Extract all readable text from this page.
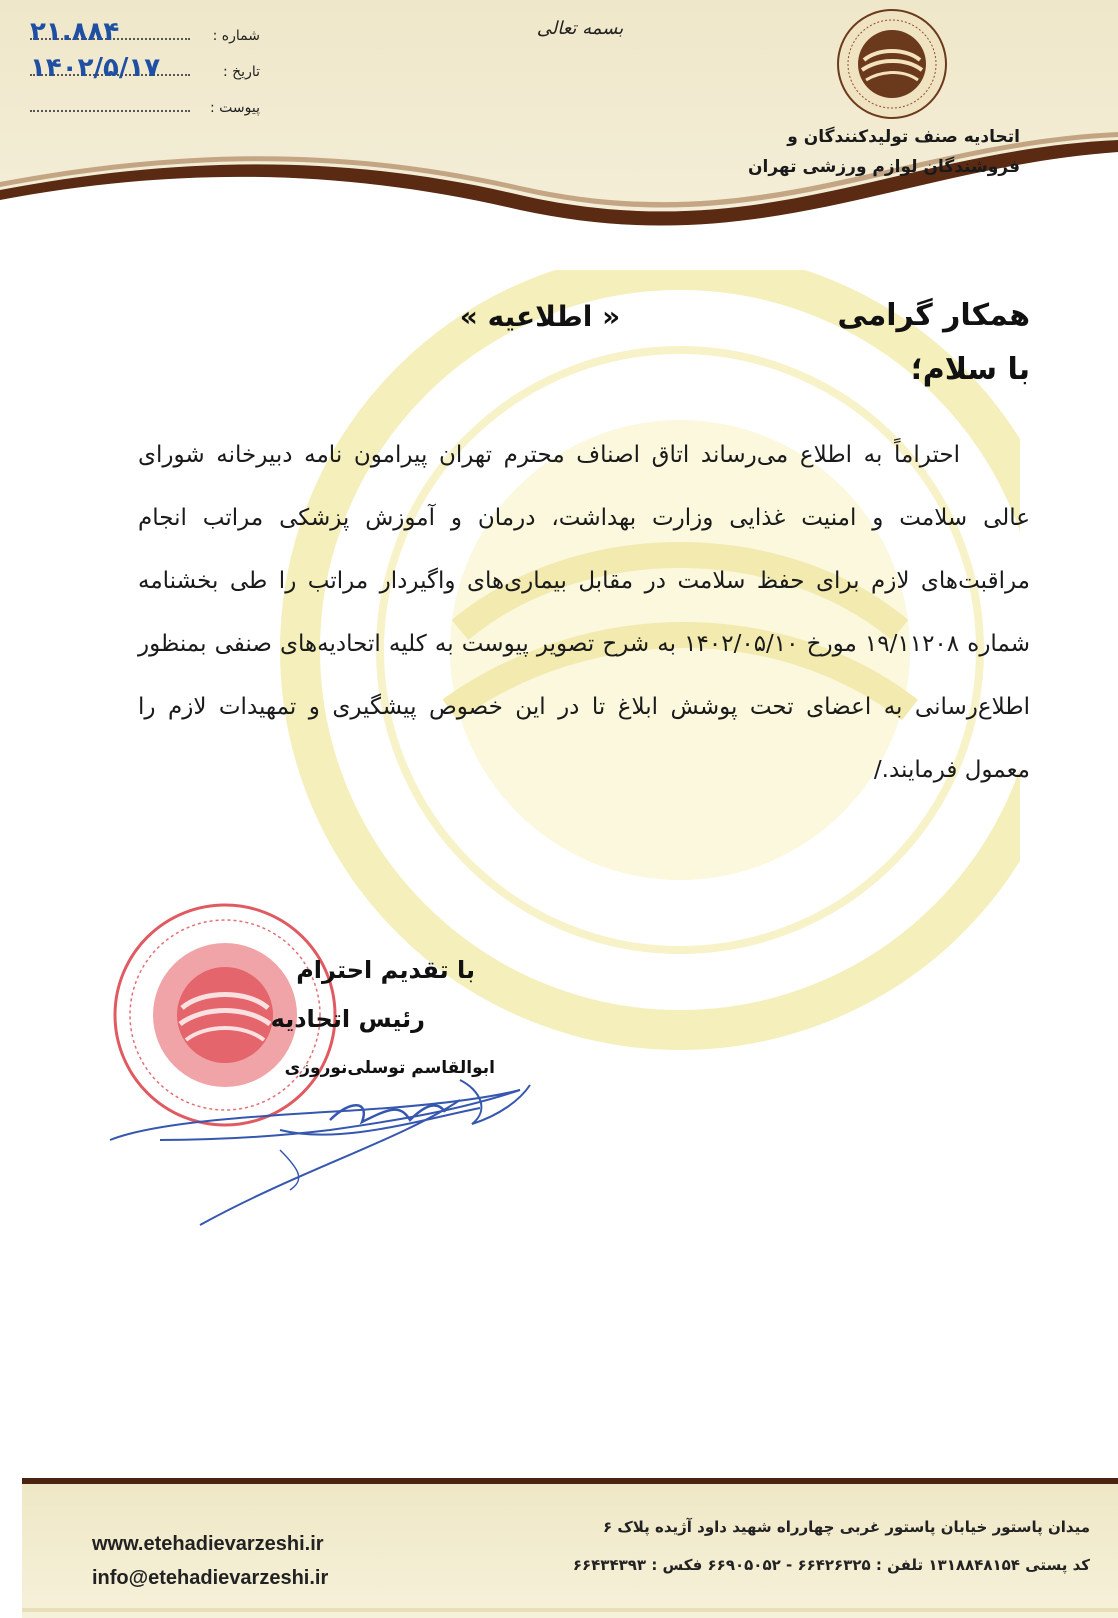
اتحادیه صنف تولیدکنندگان و
فروشندگان لوازم ورزشی تهران
بسمه تعالی
شماره :
۲۱.۸۸۴
تاریخ :
۱۴۰۲/۵/۱۷
پیوست :
همکار گرامی
« اطلاعیه »
با سلام؛

احتراماً به اطلاع می‌رساند اتاق اصناف محترم تهران پیرامون نامه دبیرخانه شورای عالی سلامت و امنیت غذایی وزارت بهداشت، درمان و آموزش پزشکی مراتب انجام مراقبت‌های لازم برای حفظ سلامت در مقابل بیماری‌های واگیردار مراتب را طی بخشنامه شماره ۱۹/۱۱۲۰۸ مورخ ۱۴۰۲/۰۵/۱۰ به شرح تصویر پیوست به کلیه اتحادیه‌های صنفی بمنظور اطلاع‌رسانی به اعضای تحت پوشش ابلاغ تا در این خصوص پیشگیری و تمهیدات لازم را معمول فرمایند./

با تقدیم احترام
رئیس اتحادیه
ابوالقاسم توسلی‌نوروزی
میدان پاستور خیابان پاستور غربی چهارراه شهید داود آژیده پلاک ۶
کد پستی ۱۳۱۸۸۴۸۱۵۴ تلفن : ۶۶۴۲۶۳۲۵ - ۶۶۹۰۵۰۵۲ فکس : ۶۶۴۳۴۳۹۳
www.etehadievarzeshi.ir
info@etehadievarzeshi.ir
